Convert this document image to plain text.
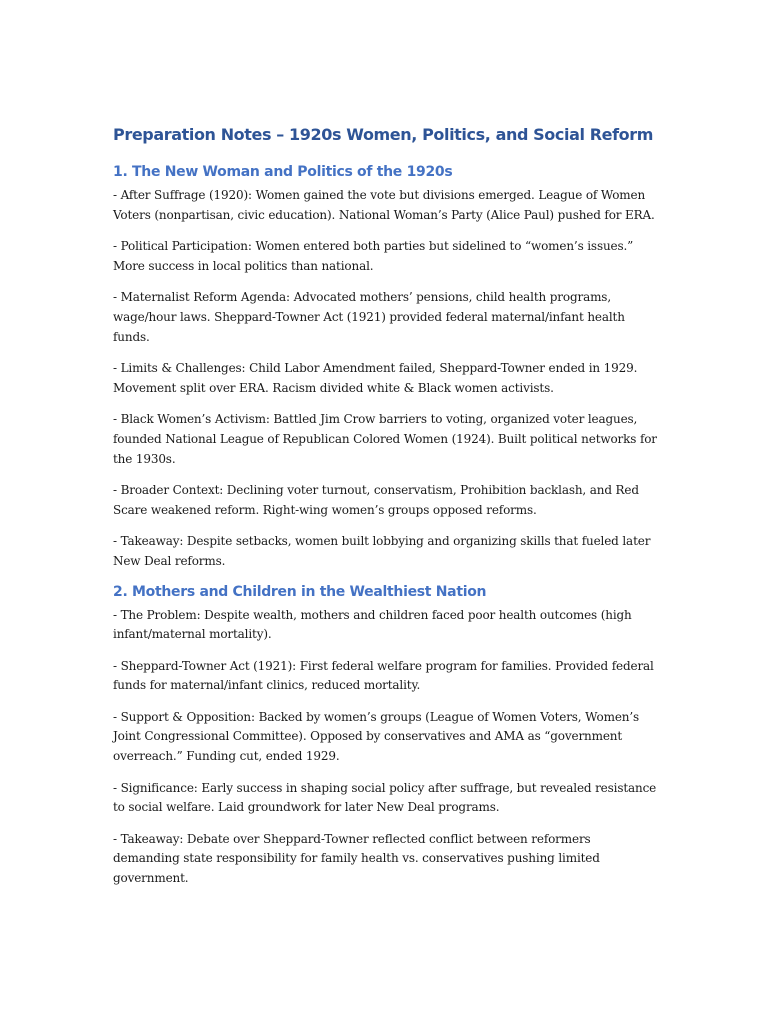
Preparation Notes – 1920s Women, Politics, and Social Reform
1. The New Woman and Politics of the 1920s

- After Suffrage (1920): Women gained the vote but divisions emerged. League of Women Voters (nonpartisan, civic education). National Woman’s Party (Alice Paul) pushed for ERA.

- Political Participation: Women entered both parties but sidelined to “women’s issues.” More success in local politics than national.

- Maternalist Reform Agenda: Advocated mothers’ pensions, child health programs, wage/hour laws. Sheppard-Towner Act (1921) provided federal maternal/infant health funds.

- Limits & Challenges: Child Labor Amendment failed, Sheppard-Towner ended in 1929. Movement split over ERA. Racism divided white & Black women activists.

- Black Women’s Activism: Battled Jim Crow barriers to voting, organized voter leagues, founded National League of Republican Colored Women (1924). Built political networks for the 1930s.

- Broader Context: Declining voter turnout, conservatism, Prohibition backlash, and Red Scare weakened reform. Right-wing women’s groups opposed reforms.

- Takeaway: Despite setbacks, women built lobbying and organizing skills that fueled later New Deal reforms.

2. Mothers and Children in the Wealthiest Nation

- The Problem: Despite wealth, mothers and children faced poor health outcomes (high infant/maternal mortality).

- Sheppard-Towner Act (1921): First federal welfare program for families. Provided federal funds for maternal/infant clinics, reduced mortality.

- Support & Opposition: Backed by women’s groups (League of Women Voters, Women’s Joint Congressional Committee). Opposed by conservatives and AMA as “government overreach.” Funding cut, ended 1929.

- Significance: Early success in shaping social policy after suffrage, but revealed resistance to social welfare. Laid groundwork for later New Deal programs.

- Takeaway: Debate over Sheppard-Towner reflected conflict between reformers demanding state responsibility for family health vs. conservatives pushing limited government.
